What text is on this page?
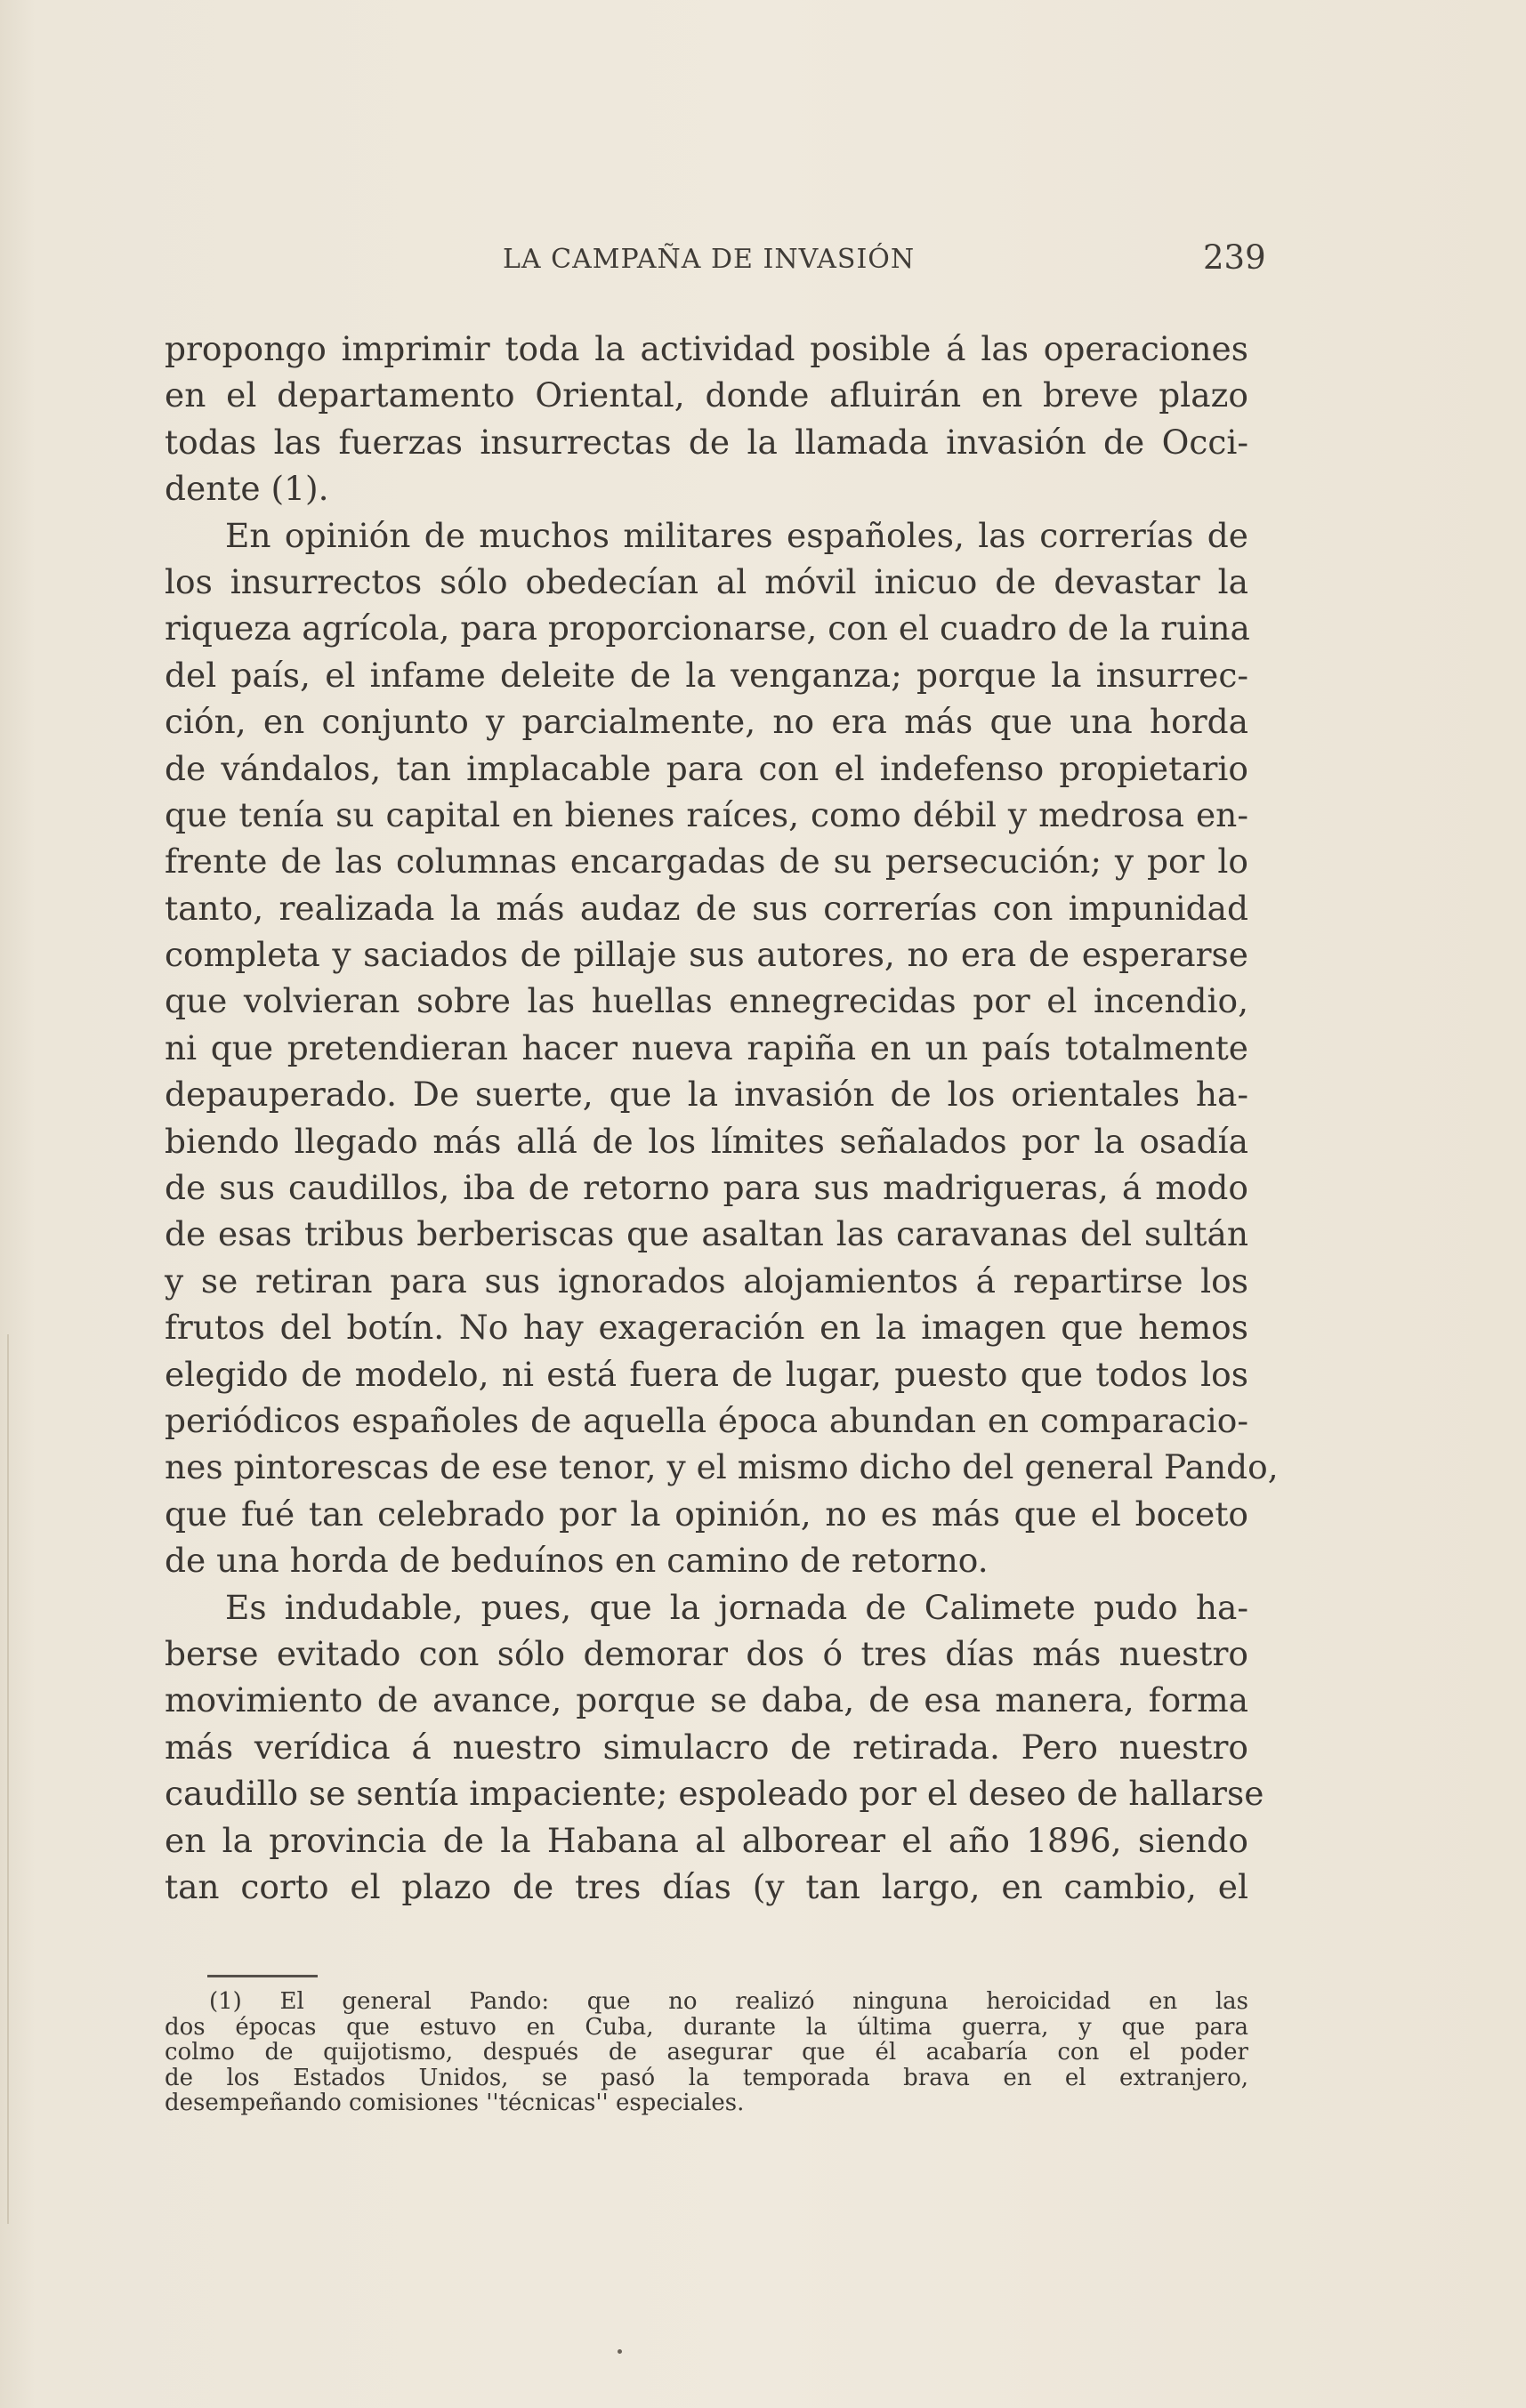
LA CAMPAÑA DE INVASIÓN	239
propongo imprimir toda la actividad posible á las operaciones
en el departamento Oriental, donde afluirán en breve plazo
todas las fuerzas insurrectas de la llamada invasión de Occi-
dente (1).
En opinión de muchos militares españoles, las correrías de
los insurrectos sólo obedecían al móvil inicuo de devastar la
riqueza agrícola, para proporcionarse, con el cuadro de la ruina
del país, el infame deleite de la venganza; porque la insurrec-
ción, en conjunto y parcialmente, no era más que una horda
de vándalos, tan implacable para con el indefenso propietario
que tenía su capital en bienes raíces, como débil y medrosa en-
frente de las columnas encargadas de su persecución; y por lo
tanto, realizada la más audaz de sus correrías con impunidad
completa y saciados de pillaje sus autores, no era de esperarse
que volvieran sobre las huellas ennegrecidas por el incendio,
ni que pretendieran hacer nueva rapiña en un país totalmente
depauperado. De suerte, que la invasión de los orientales ha-
biendo llegado más allá de los límites señalados por la osadía
de sus caudillos, iba de retorno para sus madrigueras, á modo
de esas tribus berberiscas que asaltan las caravanas del sultán
y se retiran para sus ignorados alojamientos á repartirse los
frutos del botín. No hay exageración en la imagen que hemos
elegido de modelo, ni está fuera de lugar, puesto que todos los
periódicos españoles de aquella época abundan en comparacio-
nes pintorescas de ese tenor, y el mismo dicho del general Pando,
que fué tan celebrado por la opinión, no es más que el boceto
de una horda de beduínos en camino de retorno.
Es indudable, pues, que la jornada de Calimete pudo ha-
berse evitado con sólo demorar dos ó tres días más nuestro
movimiento de avance, porque se daba, de esa manera, forma
más verídica á nuestro simulacro de retirada. Pero nuestro
caudillo se sentía impaciente; espoleado por el deseo de hallarse
en la provincia de la Habana al alborear el año 1896, siendo
tan corto el plazo de tres días (y tan largo, en cambio, el
(1) El general Pando: que no realizó ninguna heroicidad en las
dos épocas que estuvo en Cuba, durante la última guerra, y que para
colmo de quijotismo, después de asegurar que él acabaría con el poder
de los Estados Unidos, se pasó la temporada brava en el extranjero,
desempeñando comisiones ''técnicas'' especiales.
